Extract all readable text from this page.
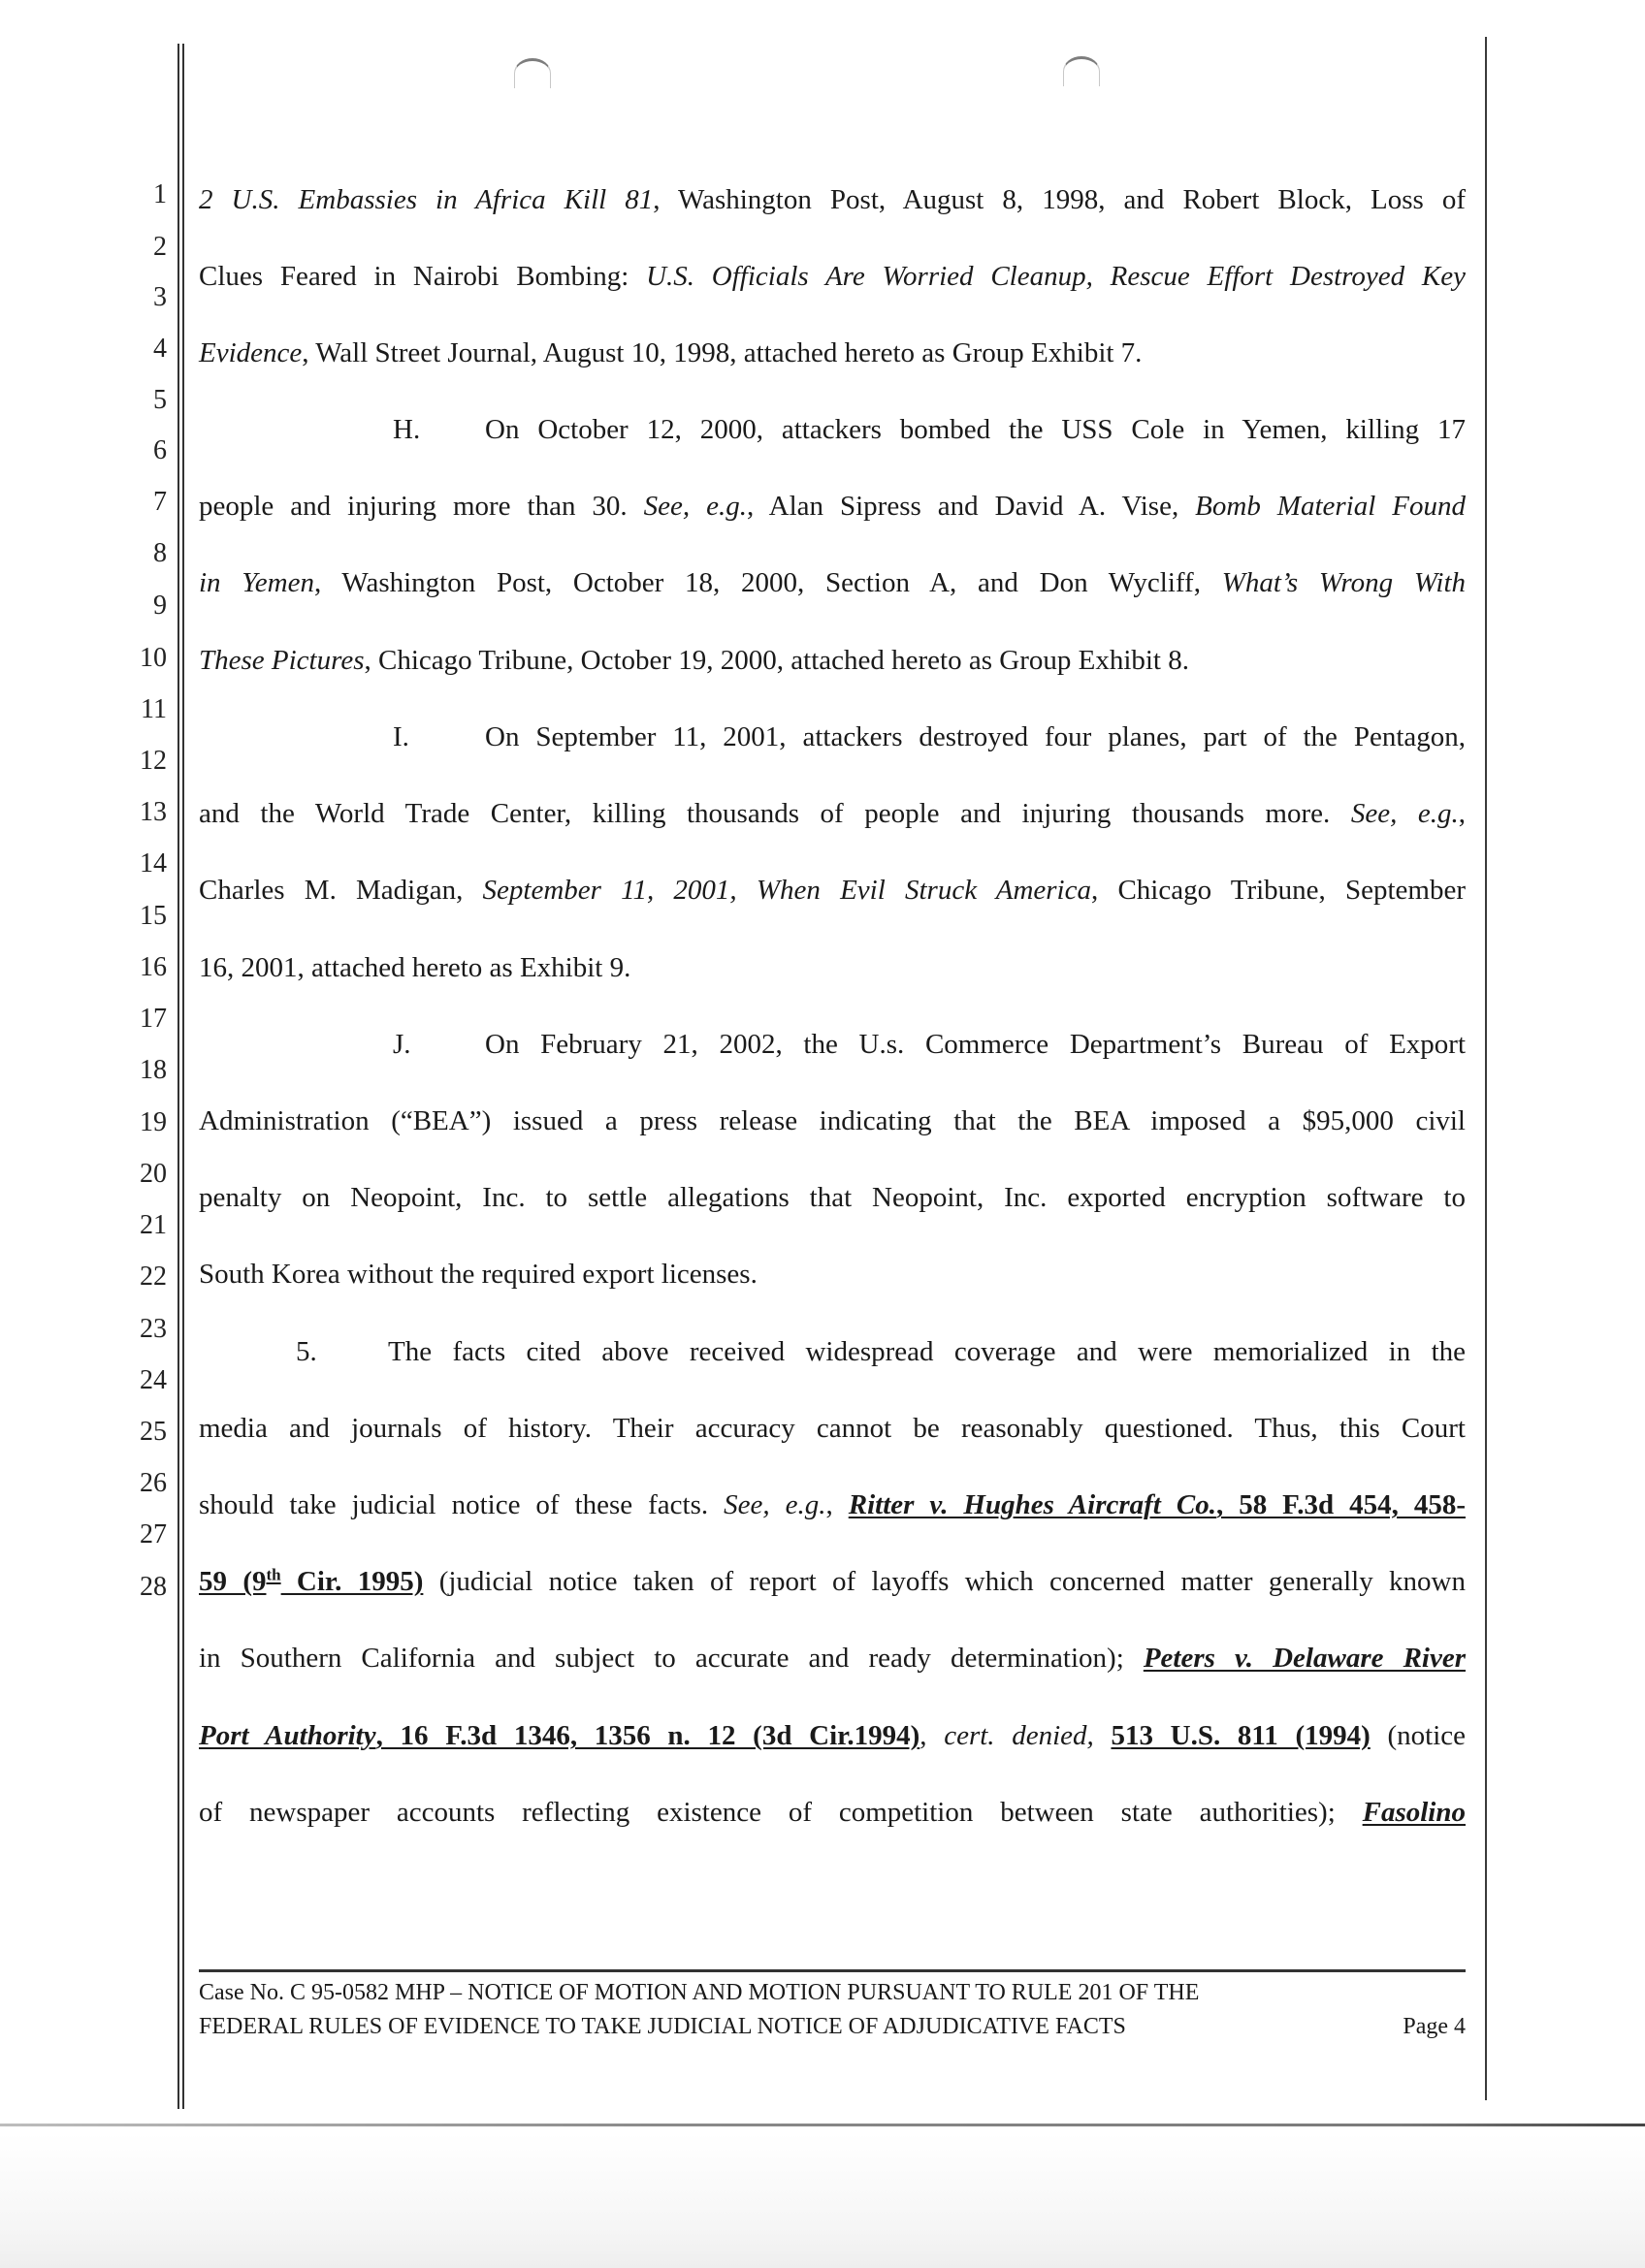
1
2
3
4
5
6
7
8
9
10
11
12
13
14
15
16
17
18
19
20
21
22
23
24
25
26
27
28
2 U.S. Embassies in Africa Kill 81, Washington Post, August 8, 1998, and Robert Block, Loss of
Clues Feared in Nairobi Bombing: U.S. Officials Are Worried Cleanup, Rescue Effort Destroyed Key
Evidence, Wall Street Journal, August 10, 1998, attached hereto as Group Exhibit 7.
H. On October 12, 2000, attackers bombed the USS Cole in Yemen, killing 17
people and injuring more than 30. See, e.g., Alan Sipress and David A. Vise, Bomb Material Found
in Yemen, Washington Post, October 18, 2000, Section A, and Don Wycliff, What’s Wrong With
These Pictures, Chicago Tribune, October 19, 2000, attached hereto as Group Exhibit 8.
I.	On September 11, 2001, attackers destroyed four planes, part of the Pentagon,
and the World Trade Center, killing thousands of people and injuring thousands more. See, e.g.,
Charles M. Madigan, September 11, 2001, When Evil Struck America, Chicago Tribune, September
16, 2001, attached hereto as Exhibit 9.
J.	On February 21, 2002, the U.s. Commerce Department’s Bureau of Export
Administration (“BEA”) issued a press release indicating that the BEA imposed a $95,000 civil
penalty on Neopoint, Inc. to settle allegations that Neopoint, Inc. exported encryption software to
South Korea without the required export licenses.
5.	The facts cited above received widespread coverage and were memorialized in the
media and journals of history. Their accuracy cannot be reasonably questioned. Thus, this Court
should take judicial notice of these facts. See, e.g., Ritter v. Hughes Aircraft Co., 58 F.3d 454, 458-
59 (9th Cir. 1995) (judicial notice taken of report of layoffs which concerned matter generally known
in Southern California and subject to accurate and ready determination); Peters v. Delaware River
Port Authority, 16 F.3d 1346, 1356 n. 12 (3d Cir.1994), cert. denied, 513 U.S. 811 (1994) (notice
of newspaper accounts reflecting existence of competition between state authorities); Fasolino
Case No. C 95-0582 MHP – NOTICE OF MOTION AND MOTION PURSUANT TO RULE 201 OF THE
FEDERAL RULES OF EVIDENCE TO TAKE JUDICIAL NOTICE OF ADJUDICATIVE FACTS	Page 4
